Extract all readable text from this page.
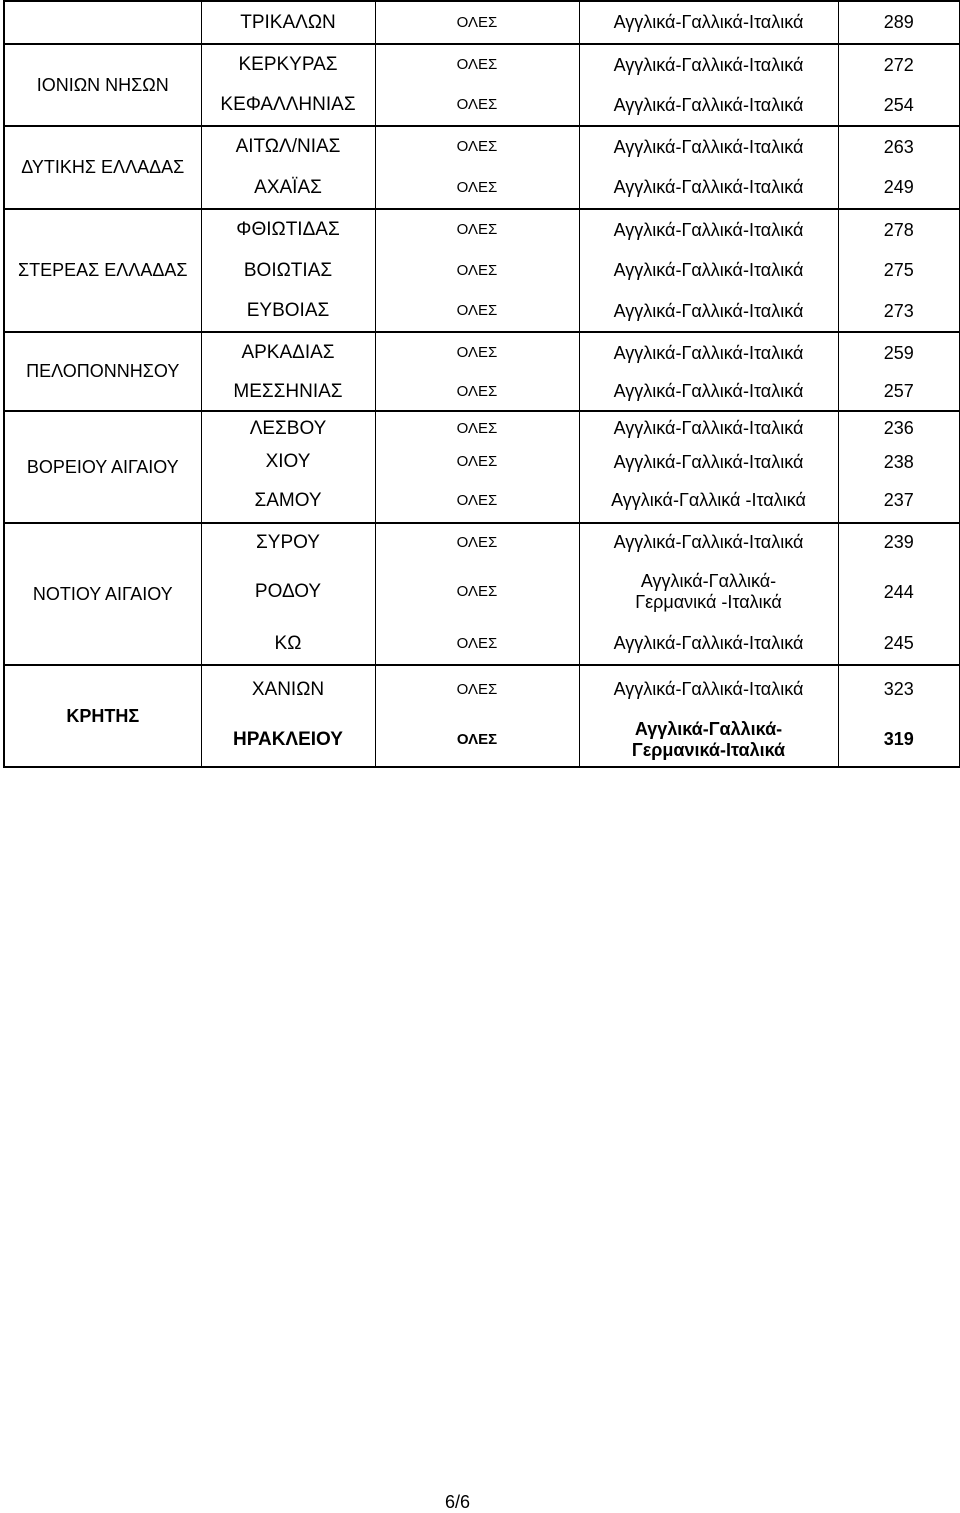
	ΤΡΙΚΑΛΩΝ	ΟΛΕΣ	Αγγλικά-Γαλλικά-Ιταλικά	289
ΙΟΝΙΩΝ ΝΗΣΩΝ	ΚΕΡΚΥΡΑΣ	ΟΛΕΣ	Αγγλικά-Γαλλικά-Ιταλικά	272
	ΚΕΦΑΛΛΗΝΙΑΣ	ΟΛΕΣ	Αγγλικά-Γαλλικά-Ιταλικά	254
ΔΥΤΙΚΗΣ ΕΛΛΑΔΑΣ	ΑΙΤΩΛ/ΝΙΑΣ	ΟΛΕΣ	Αγγλικά-Γαλλικά-Ιταλικά	263
	ΑΧΑΪΑΣ	ΟΛΕΣ	Αγγλικά-Γαλλικά-Ιταλικά	249
ΣΤΕΡΕΑΣ ΕΛΛΑΔΑΣ	ΦΘΙΩΤΙΔΑΣ	ΟΛΕΣ	Αγγλικά-Γαλλικά-Ιταλικά	278
	ΒΟΙΩΤΙΑΣ	ΟΛΕΣ	Αγγλικά-Γαλλικά-Ιταλικά	275
	ΕΥΒΟΙΑΣ	ΟΛΕΣ	Αγγλικά-Γαλλικά-Ιταλικά	273
ΠΕΛΟΠΟΝΝΗΣΟΥ	ΑΡΚΑΔΙΑΣ	ΟΛΕΣ	Αγγλικά-Γαλλικά-Ιταλικά	259
	ΜΕΣΣΗΝΙΑΣ	ΟΛΕΣ	Αγγλικά-Γαλλικά-Ιταλικά	257
ΒΟΡΕΙΟΥ ΑΙΓΑΙΟΥ	ΛΕΣΒΟΥ	ΟΛΕΣ	Αγγλικά-Γαλλικά-Ιταλικά	236
	ΧΙΟΥ	ΟΛΕΣ	Αγγλικά-Γαλλικά-Ιταλικά	238
	ΣΑΜΟΥ	ΟΛΕΣ	Αγγλικά-Γαλλικά -Ιταλικά	237
ΝΟΤΙΟΥ ΑΙΓΑΙΟΥ	ΣΥΡΟΥ	ΟΛΕΣ	Αγγλικά-Γαλλικά-Ιταλικά	239
	ΡΟΔΟΥ	ΟΛΕΣ	Αγγλικά-Γαλλικά- Γερμανικά -Ιταλικά	244
	ΚΩ	ΟΛΕΣ	Αγγλικά-Γαλλικά-Ιταλικά	245
ΚΡΗΤΗΣ	ΧΑΝΙΩΝ	ΟΛΕΣ	Αγγλικά-Γαλλικά-Ιταλικά	323
	ΗΡΑΚΛΕΙΟΥ	ΟΛΕΣ	Αγγλικά-Γαλλικά- Γερμανικά-Ιταλικά	319
6/6
